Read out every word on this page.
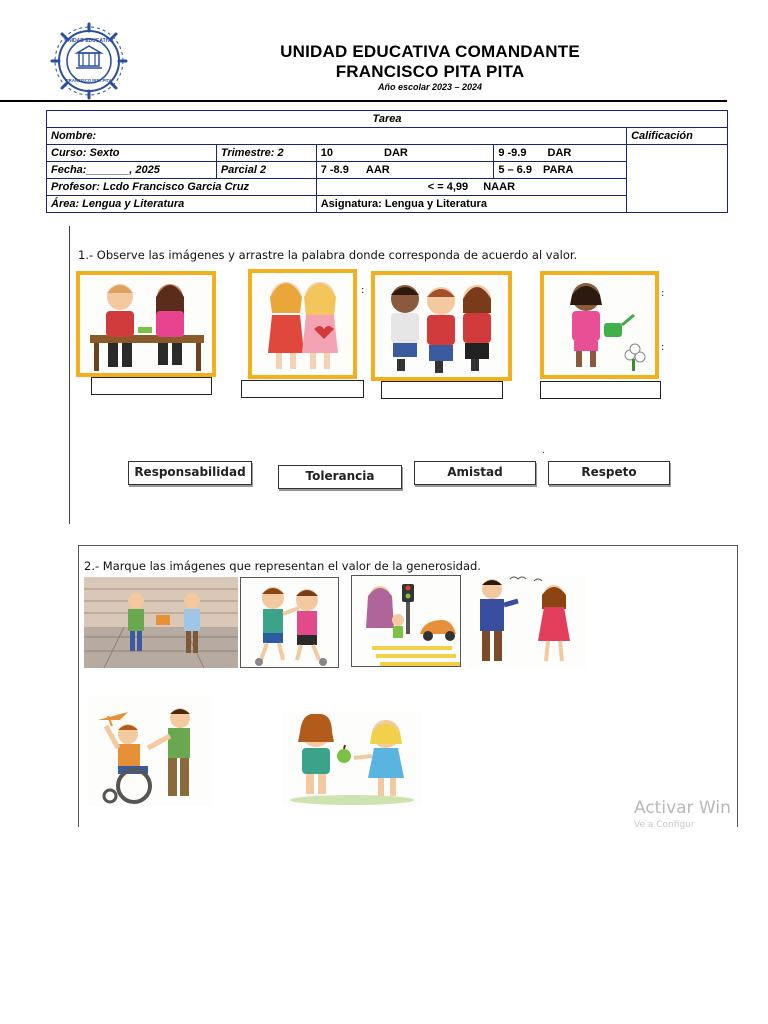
UNIDAD EDUCATIVA
FRANCISCO PITA PITA
UNIDAD EDUCATIVA COMANDANTE
FRANCISCO PITA PITA
Año escolar 2023 – 2024
Tarea				
Nombre:				Calificación
Curso: Sexto	Trimestre: 2	10 DAR	9 -9.9 DAR	
Fecha:_______, 2025	Parcial 2	7 -8.9 AAR	5 – 6.9 PARA	
Profesor: Lcdo Francisco Garcia Cruz		< = 4,99 NAAR		
Área: Lengua y Literatura		Asignatura: Lengua y Literatura		
1.- Observe las imágenes y arrastre la palabra donde corresponda de acuerdo al valor.
:	:
:
Responsabilidad	Tolerancia	Amistad	Respeto
.
2.- Marque las imágenes que representan el valor de la generosidad.
Activar Win
Ve a Configur
